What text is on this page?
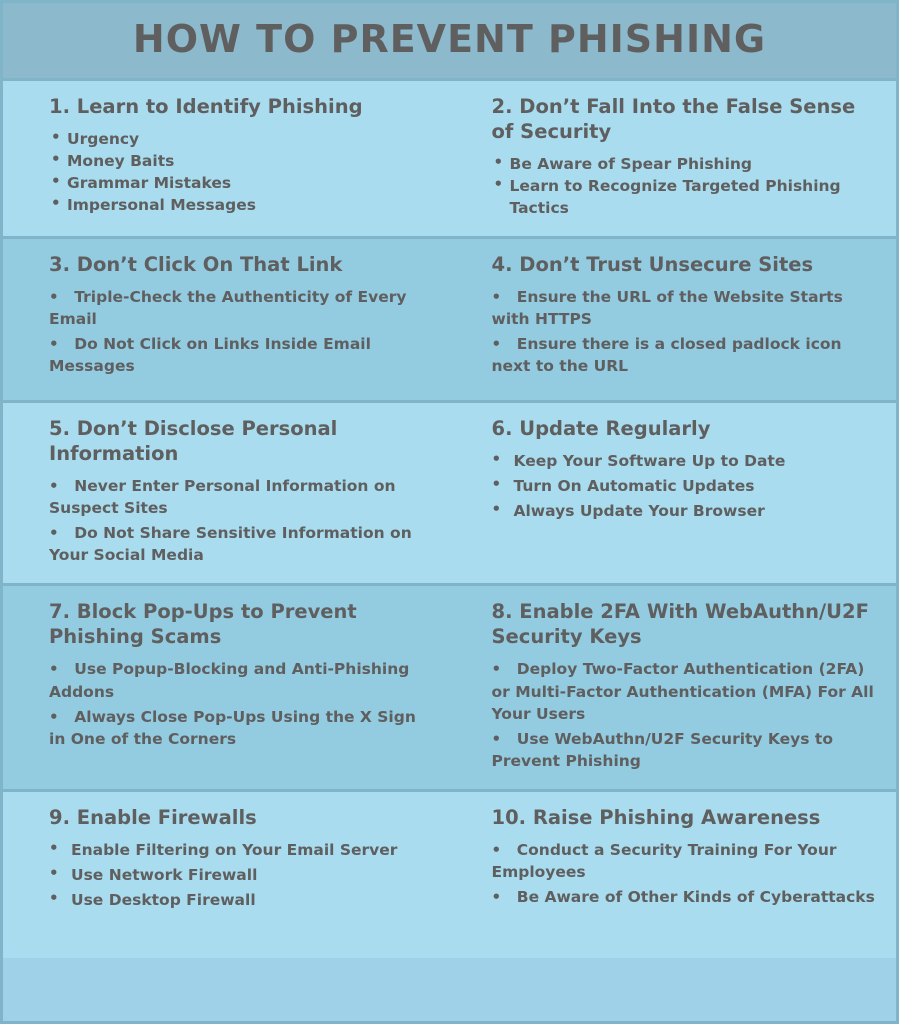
HOW TO PREVENT PHISHING
1. Learn to Identify Phishing
• Urgency
• Money Baits
• Grammar Mistakes
• Impersonal Messages
2. Don’t Fall Into the False Sense of Security
• Be Aware of Spear Phishing
• Learn to Recognize Targeted Phishing Tactics
3. Don’t Click On That Link
•   Triple-Check the Authenticity of Every Email
•   Do Not Click on Links Inside Email Messages
4. Don’t Trust Unsecure Sites
•   Ensure the URL of the Website Starts with HTTPS
•   Ensure there is a closed padlock icon next to the URL
5. Don’t Disclose Personal Information
•   Never Enter Personal Information on Suspect Sites
•   Do Not Share Sensitive Information on Your Social Media
6. Update Regularly
• Keep Your Software Up to Date
• Turn On Automatic Updates
• Always Update Your Browser
7. Block Pop-Ups to Prevent Phishing Scams
•   Use Popup-Blocking and Anti-Phishing Addons
•   Always Close Pop-Ups Using the X Sign in One of the Corners
8. Enable 2FA With WebAuthn/U2F Security Keys
•   Deploy Two-Factor Authentication (2FA) or Multi-Factor Authentication (MFA) For All Your Users
•   Use WebAuthn/U2F Security Keys to Prevent Phishing
9. Enable Firewalls
• Enable Filtering on Your Email Server
• Use Network Firewall
• Use Desktop Firewall
10. Raise Phishing Awareness
•   Conduct a Security Training For Your Employees
•   Be Aware of Other Kinds of Cyberattacks
